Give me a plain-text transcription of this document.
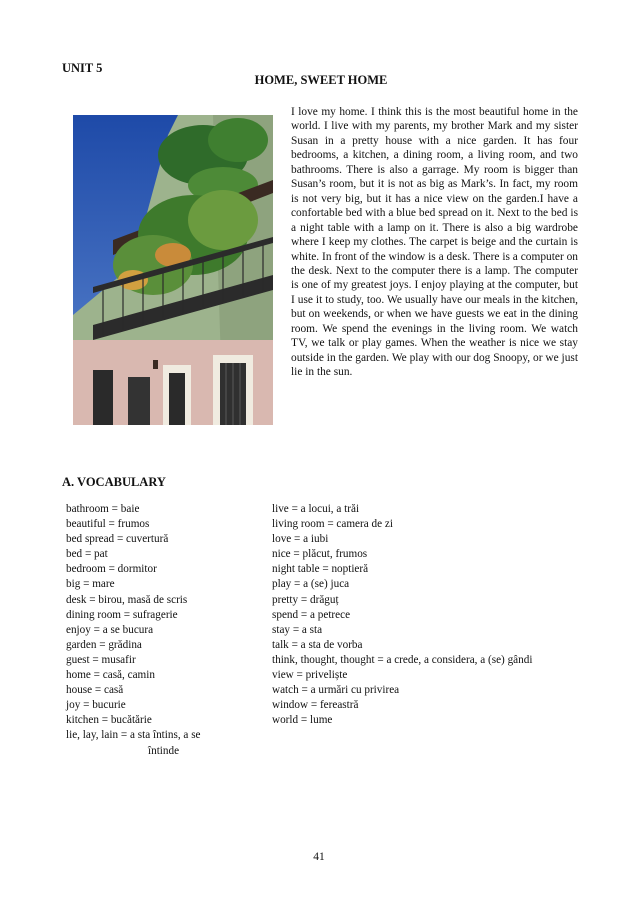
UNIT 5
HOME, SWEET HOME

I love my home. I think this is the most beautiful home in the world. I live with my parents, my brother Mark and my sister Susan in a pretty house with a nice garden. It has four bedrooms, a kitchen, a dining room, a living room, and two bathrooms. There is also a garrage. My room is bigger than Susan’s room, but it is not as big as Mark’s. In fact, my room is not very big, but it has a nice view on the garden.I have a confortable bed with a blue bed spread on it. Next to the bed is a night table with a lamp on it. There is also a big wardrobe where I keep my clothes. The carpet is beige and the curtain is white. In front of the window is a desk. There is a computer on the desk. Next to the computer there is a lamp. The computer is one of my greatest joys. I enjoy playing at the computer, but I use it to study, too. We usually have our meals in the kitchen, but on weekends, or when we have guests we eat in the dining room. We spend the evenings in the living room. We watch TV, we talk or play games. When the weather is nice we stay outside in the garden. We play with our dog Snoopy, or we just lie in the sun.

A. VOCABULARY
bathroom = baie
beautiful = frumos
bed spread = cuvertură
bed = pat
bedroom = dormitor
big = mare
desk = birou, masă de scris
dining room = sufragerie
enjoy = a se bucura
garden = grădina
guest = musafir
home = casă, camin
house = casă
joy = bucurie
kitchen = bucătărie
lie, lay, lain = a sta întins, a se
întinde
live = a locui, a trăi
living room = camera de zi
love = a iubi
nice = plăcut, frumos
night table = noptieră
play = a (se) juca
pretty = drăguț
spend = a petrece
stay = a sta
talk = a sta de vorba
think, thought, thought = a crede, a considera, a (se) gândi
view = priveliște
watch = a urmări cu privirea
window = fereastră
world = lume
41
